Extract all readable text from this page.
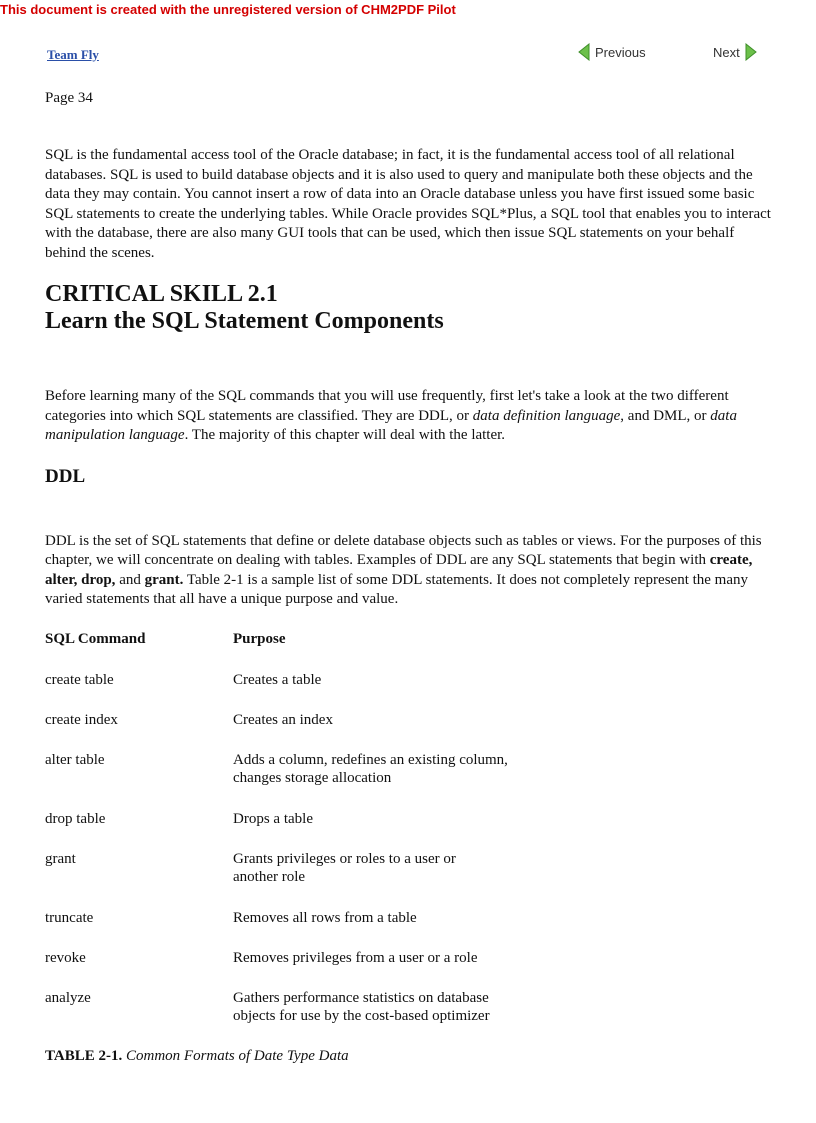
This document is created with the unregistered version of CHM2PDF Pilot
Team Fly	Previous	Next
Page 34

SQL is the fundamental access tool of the Oracle database; in fact, it is the fundamental access tool of all relational databases. SQL is used to build database objects and it is also used to query and manipulate both these objects and the data they may contain. You cannot insert a row of data into an Oracle database unless you have first issued some basic SQL statements to create the underlying tables. While Oracle provides SQL*Plus, a SQL tool that enables you to interact with the database, there are also many GUI tools that can be used, which then issue SQL statements on your behalf behind the scenes.

CRITICAL SKILL 2.1
Learn the SQL Statement Components

Before learning many of the SQL commands that you will use frequently, first let's take a look at the two different categories into which SQL statements are classified. They are DDL, or data definition language, and DML, or data manipulation language. The majority of this chapter will deal with the latter.

DDL

DDL is the set of SQL statements that define or delete database objects such as tables or views. For the purposes of this chapter, we will concentrate on dealing with tables. Examples of DDL are any SQL statements that begin with create, alter, drop, and grant. Table 2-1 is a sample list of some DDL statements. It does not completely represent the many varied statements that all have a unique purpose and value.

SQL Command	Purpose
create table	Creates a table
create index	Creates an index
alter table	Adds a column, redefines an existing column,
changes storage allocation
drop table	Drops a table
grant	Grants privileges or roles to a user or
another role
truncate	Removes all rows from a table
revoke	Removes privileges from a user or a role
analyze	Gathers performance statistics on database
objects for use by the cost-based optimizer
TABLE 2-1. Common Formats of Date Type Data
